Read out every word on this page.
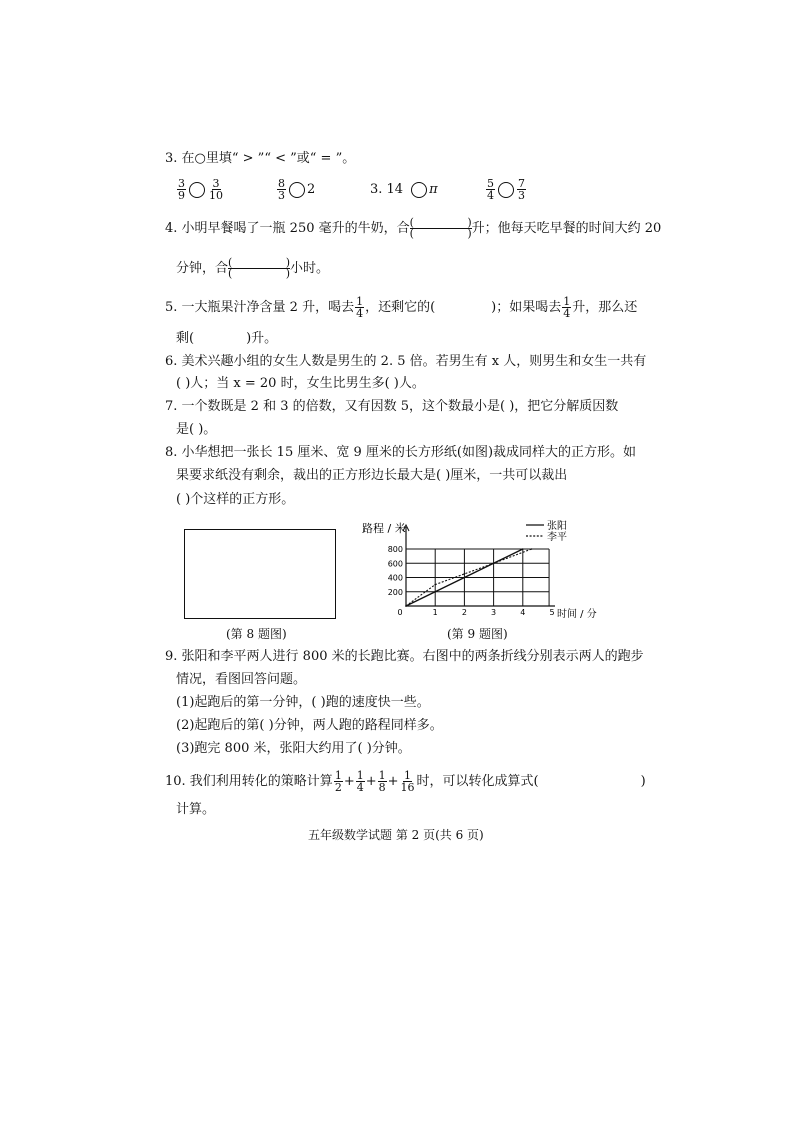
3. 在○里填“ > ”“ < ”或“ = ”。
$\frac{3}{9} \frac{3}{10}$	$\frac{8}{3} 2$	3. 14 π	$\frac{5}{4} \frac{7}{3}$
4. 小明早餐喝了一瓶 250 毫升的牛奶，合 (	)
(	) 升；他每天吃早餐的时间大约 20
分钟，合 (	)
(	) 小时。
5. 一大瓶果汁净含量 2 升，喝去 $\frac{1}{4}$ ，还剩它的(	)；如果喝去 $\frac{1}{4}$ 升，那么还
剩(	)升。
6. 美术兴趣小组的女生人数是男生的 2. 5 倍。若男生有 x 人，则男生和女生一共有
( )人；当 x = 20 时，女生比男生多( )人。
7. 一个数既是 2 和 3 的倍数，又有因数 5，这个数最小是( )，把它分解质因数
是( )。
8. 小华想把一张长 15 厘米、宽 9 厘米的长方形纸(如图)裁成同样大的正方形。如
果要求纸没有剩余，裁出的正方形边长最大是( )厘米，一共可以裁出
( )个这样的正方形。
(第 8 题图)
200
400
600
800
0	1	2	3	4	5
张阳
李平
路程 / 米
时间 / 分
(第 9 题图)
9. 张阳和李平两人进行 800 米的长跑比赛。右图中的两条折线分别表示两人的跑步
情况，看图回答问题。
(1)起跑后的第一分钟，( )跑的速度快一些。
(2)起跑后的第( )分钟，两人跑的路程同样多。
(3)跑完 800 米，张阳大约用了( )分钟。
10. 我们利用转化的策略计算 $\frac{1}{2} + \frac{1}{4} + \frac{1}{8} + \frac{1}{16}$ 时，可以转化成算式(	)
计算。
五年级数学试题 第 2 页(共 6 页)
